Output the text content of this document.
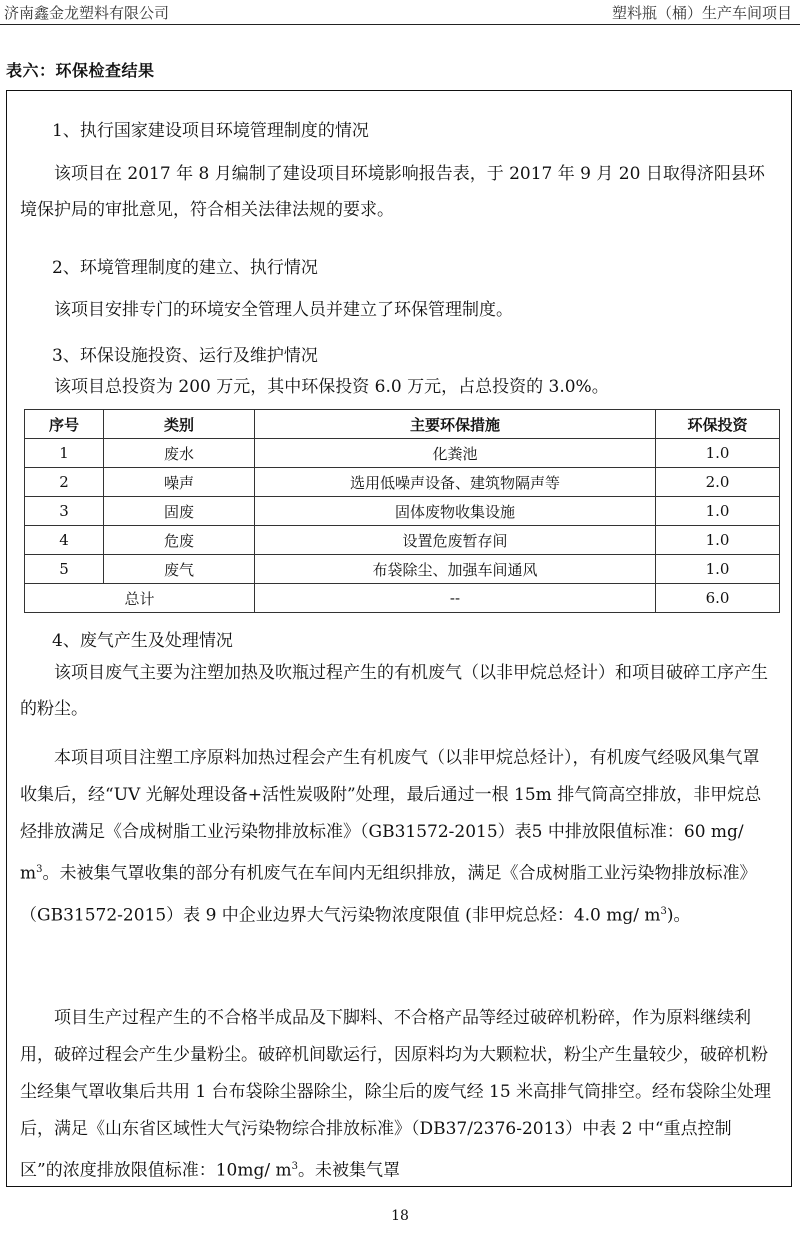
济南鑫金龙塑料有限公司	塑料瓶（桶）生产车间项目
表六：环保检查结果
1、执行国家建设项目环境管理制度的情况
该项目在 2017 年 8 月编制了建设项目环境影响报告表，于 2017 年 9 月 20 日取得济阳县环境保护局的审批意见，符合相关法律法规的要求。
2、环境管理制度的建立、执行情况
该项目安排专门的环境安全管理人员并建立了环保管理制度。
3、环保设施投资、运行及维护情况
该项目总投资为 200 万元，其中环保投资 6.0 万元，占总投资的 3.0%。
序号	类别	主要环保措施	环保投资
1	废水	化粪池	1.0
2	噪声	选用低噪声设备、建筑物隔声等	2.0
3	固废	固体废物收集设施	1.0
4	危废	设置危废暂存间	1.0
5	废气	布袋除尘、加强车间通风	1.0
总计		--	6.0
4、废气产生及处理情况
该项目废气主要为注塑加热及吹瓶过程产生的有机废气（以非甲烷总烃计）和项目破碎工序产生的粉尘。
本项目项目注塑工序原料加热过程会产生有机废气（以非甲烷总烃计），有机废气经吸风集气罩收集后，经“UV 光解处理设备+活性炭吸附”处理，最后通过一根 15m 排气筒高空排放，非甲烷总烃排放满足《合成树脂工业污染物排放标准》（GB31572-2015）表5 中排放限值标准：60 mg/ $m^3$。未被集气罩收集的部分有机废气在车间内无组织排放，满足《合成树脂工业污染物排放标准》（GB31572-2015）表 9 中企业边界大气污染物浓度限值 (非甲烷总烃：4.0 mg/ $m^3$)。
项目生产过程产生的不合格半成品及下脚料、不合格产品等经过破碎机粉碎，作为原料继续利用，破碎过程会产生少量粉尘。破碎机间歇运行，因原料均为大颗粒状，粉尘产生量较少，破碎机粉尘经集气罩收集后共用 1 台布袋除尘器除尘，除尘后的废气经 15 米高排气筒排空。经布袋除尘处理后，满足《山东省区域性大气污染物综合排放标准》（DB37/2376-2013）中表 2 中“重点控制区”的浓度排放限值标准：10mg/ $m^3$。未被集气罩
18
